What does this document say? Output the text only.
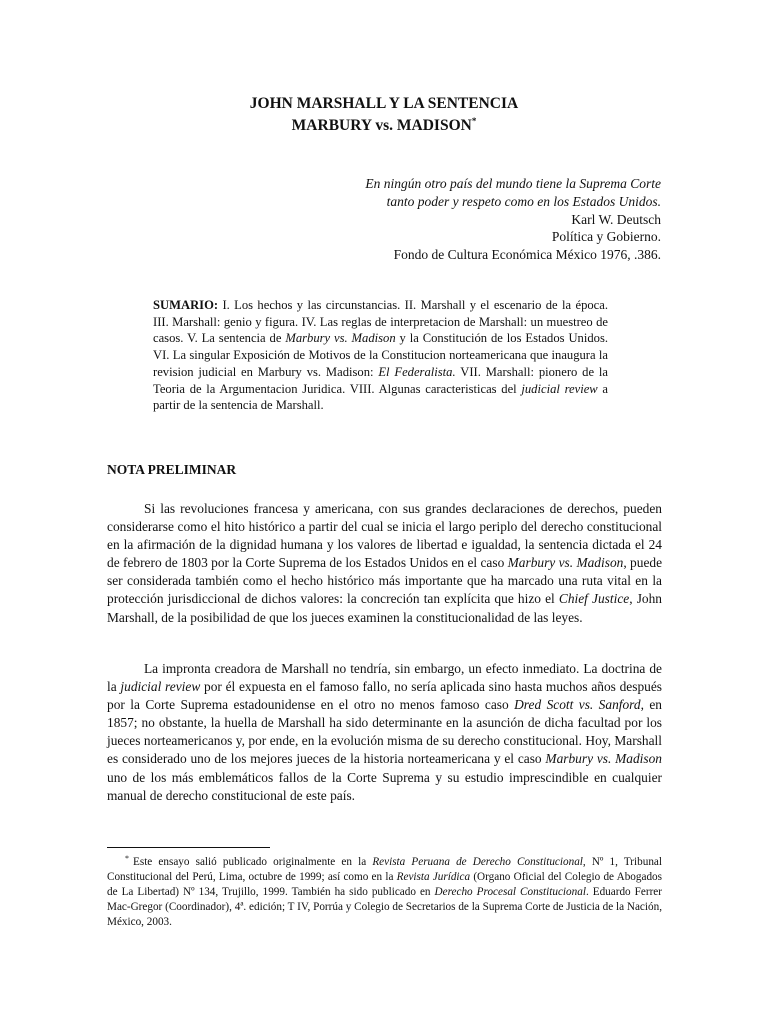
JOHN MARSHALL Y LA SENTENCIA
MARBURY vs. MADISON*
En ningún otro país del mundo tiene la Suprema Corte
tanto poder y respeto como en los Estados Unidos.
Karl W. Deutsch
Política y Gobierno.
Fondo de Cultura Económica México 1976, .386.
SUMARIO: I. Los hechos y las circunstancias. II. Marshall y el escenario de la época. III. Marshall: genio y figura. IV. Las reglas de interpretacion de Marshall: un muestreo de casos. V. La sentencia de Marbury vs. Madison y la Constitución de los Estados Unidos. VI. La singular Exposición de Motivos de la Constitucion norteamericana que inaugura la revision judicial en Marbury vs. Madison: El Federalista. VII. Marshall: pionero de la Teoria de la Argumentacion Juridica. VIII. Algunas caracteristicas del judicial review a partir de la sentencia de Marshall.
NOTA PRELIMINAR
Si las revoluciones francesa y americana, con sus grandes declaraciones de derechos, pueden considerarse como el hito histórico a partir del cual se inicia el largo periplo del derecho constitucional en la afirmación de la dignidad humana y los valores de libertad e igualdad, la sentencia dictada el 24 de febrero de 1803 por la Corte Suprema de los Estados Unidos en el caso Marbury vs. Madison, puede ser considerada también como el hecho histórico más importante que ha marcado una ruta vital en la protección jurisdiccional de dichos valores: la concreción tan explícita que hizo el Chief Justice, John Marshall, de la posibilidad de que los jueces examinen la constitucionalidad de las leyes.
La impronta creadora de Marshall no tendría, sin embargo, un efecto inmediato. La doctrina de la judicial review por él expuesta en el famoso fallo, no sería aplicada sino hasta muchos años después por la Corte Suprema estadounidense en el otro no menos famoso caso Dred Scott vs. Sanford, en 1857; no obstante, la huella de Marshall ha sido determinante en la asunción de dicha facultad por los jueces norteamericanos y, por ende, en la evolución misma de su derecho constitucional. Hoy, Marshall es considerado uno de los mejores jueces de la historia norteamericana y el caso Marbury vs. Madison uno de los más emblemáticos fallos de la Corte Suprema y su estudio imprescindible en cualquier manual de derecho constitucional de este país.
* Este ensayo salió publicado originalmente en la Revista Peruana de Derecho Constitucional, Nº 1, Tribunal Constitucional del Perú, Lima, octubre de 1999; así como en la Revista Jurídica (Organo Oficial del Colegio de Abogados de La Libertad) Nº 134, Trujillo, 1999. También ha sido publicado en Derecho Procesal Constitucional. Eduardo Ferrer Mac-Gregor (Coordinador), 4ª. edición; T IV, Porrúa y Colegio de Secretarios de la Suprema Corte de Justicia de la Nación, México, 2003.
